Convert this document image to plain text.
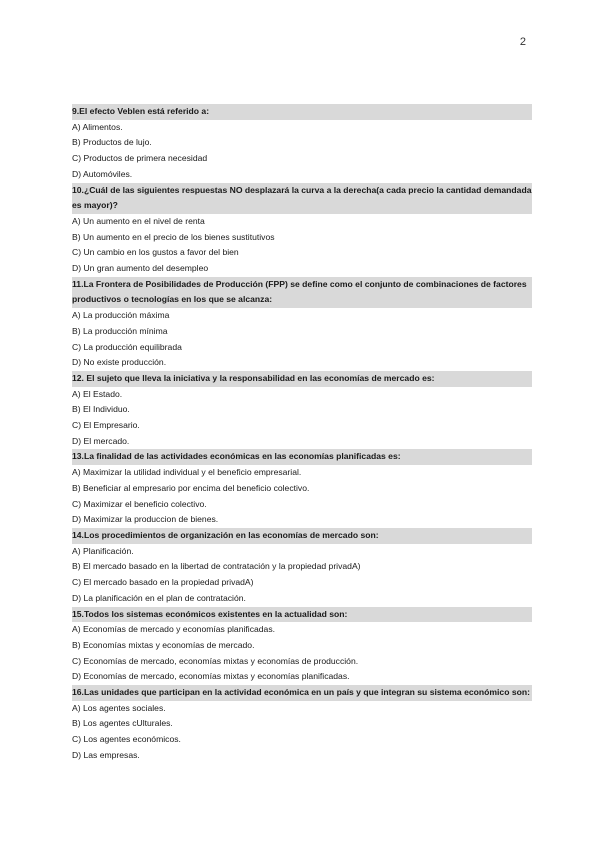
2
9.El efecto Veblen está referido a:
A) Alimentos.
B) Productos de lujo.
C) Productos de primera necesidad
D) Automóviles.
10.¿Cuál de las siguientes respuestas NO desplazará la curva a la derecha(a cada precio la cantidad demandada es mayor)?
A) Un aumento en el nivel de renta
B) Un aumento en el precio de los bienes sustitutivos
C) Un cambio en los gustos a favor del bien
D) Un gran aumento del desempleo
11.La Frontera de Posibilidades de Producción (FPP) se define como el conjunto de combinaciones de factores productivos o tecnologías en los que se alcanza:
A) La producción máxima
B) La producción mínima
C) La producción equilibrada
D) No existe producción.
12. El sujeto que lleva la iniciativa y la responsabilidad en las economías de mercado es:
A) El Estado.
B) El Individuo.
C) El Empresario.
D) El mercado.
13.La finalidad de las actividades económicas en las economías planificadas es:
A) Maximizar la utilidad individual y el beneficio empresarial.
B) Beneficiar al empresario por encima del beneficio colectivo.
C) Maximizar el beneficio colectivo.
D) Maximizar la produccion de bienes.
14.Los procedimientos de organización en las economías de mercado son:
A) Planificación.
B) El mercado basado en la libertad de contratación y la propiedad privadA)
C) El mercado basado en la propiedad privadA)
D) La planificación en el plan de contratación.
15.Todos los sistemas económicos existentes en la actualidad son:
A) Economías de mercado y economías planificadas.
B) Economías mixtas y economías de mercado.
C) Economías de mercado, economías mixtas y economías de producción.
D) Economías de mercado, economías mixtas y economías planificadas.
16.Las unidades que participan en la actividad económica en un país y que integran su sistema económico son:
A) Los agentes sociales.
B) Los agentes cUlturales.
C) Los agentes económicos.
D) Las empresas.
